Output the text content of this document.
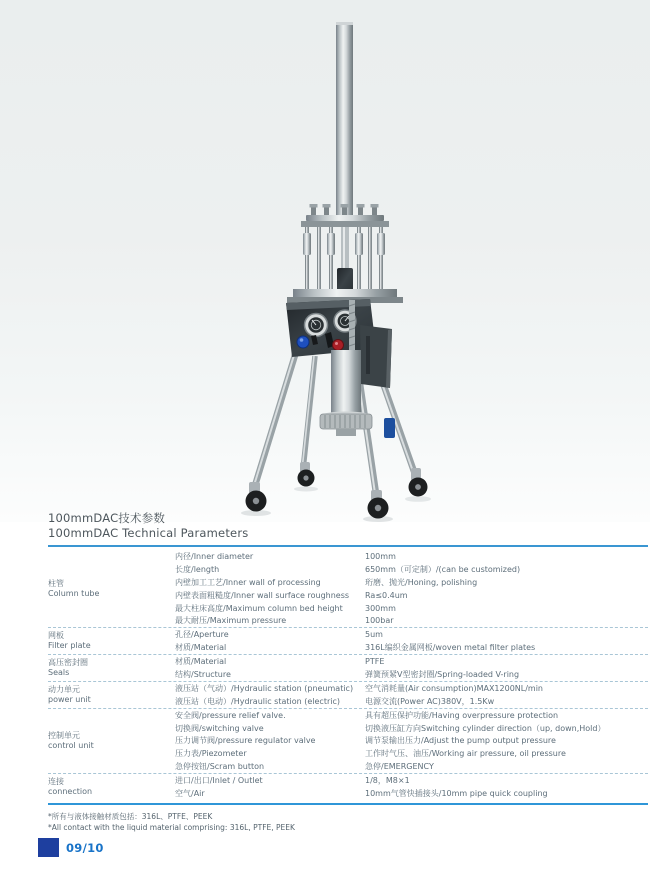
100mmDAC技术参数
100mmDAC Technical Parameters
柱管
Column tube
内径/Inner diameter	100mm
长度/length	650mm（可定制）/(can be customized)
内壁加工工艺/Inner wall of processing	珩磨、抛光/Honing, polishing
内壁表面粗糙度/Inner wall surface roughness	Ra≤0.4um
最大柱床高度/Maximum column bed height	300mm
最大耐压/Maximum pressure	100bar
网板
Filter plate
孔径/Aperture	5um
材质/Material	316L编织金属网板/woven metal filter plates
高压密封圈
Seals
材质/Material	PTFE
结构/Structure	弹簧预紧V型密封圈/Spring-loaded V-ring
动力单元
power unit
液压站（气动）/Hydraulic station (pneumatic)	空气消耗量(Air consumption)MAX1200NL/min
液压站（电动）/Hydraulic station (electric)	电源交流(Power AC)380V，1.5Kw
控制单元
control unit
安全阀/pressure relief valve.	具有超压保护功能/Having overpressure protection
切换阀/switching valve	切换液压缸方向Switching cylinder direction（up, down,Hold）
压力调节阀/pressure regulator valve	调节泵输出压力/Adjust the pump output pressure
压力表/Piezometer	工作时气压、油压/Working air pressure, oil pressure
急停按钮/Scram button	急停/EMERGENCY
连接
connection
进口/出口/Inlet / Outlet	1/8，M8×1
空气/Air	10mm气管快插接头/10mm pipe quick coupling
*所有与液体接触材质包括：316L、PTFE、PEEK
*All contact with the liquid material comprising: 316L, PTFE, PEEK
09/10
